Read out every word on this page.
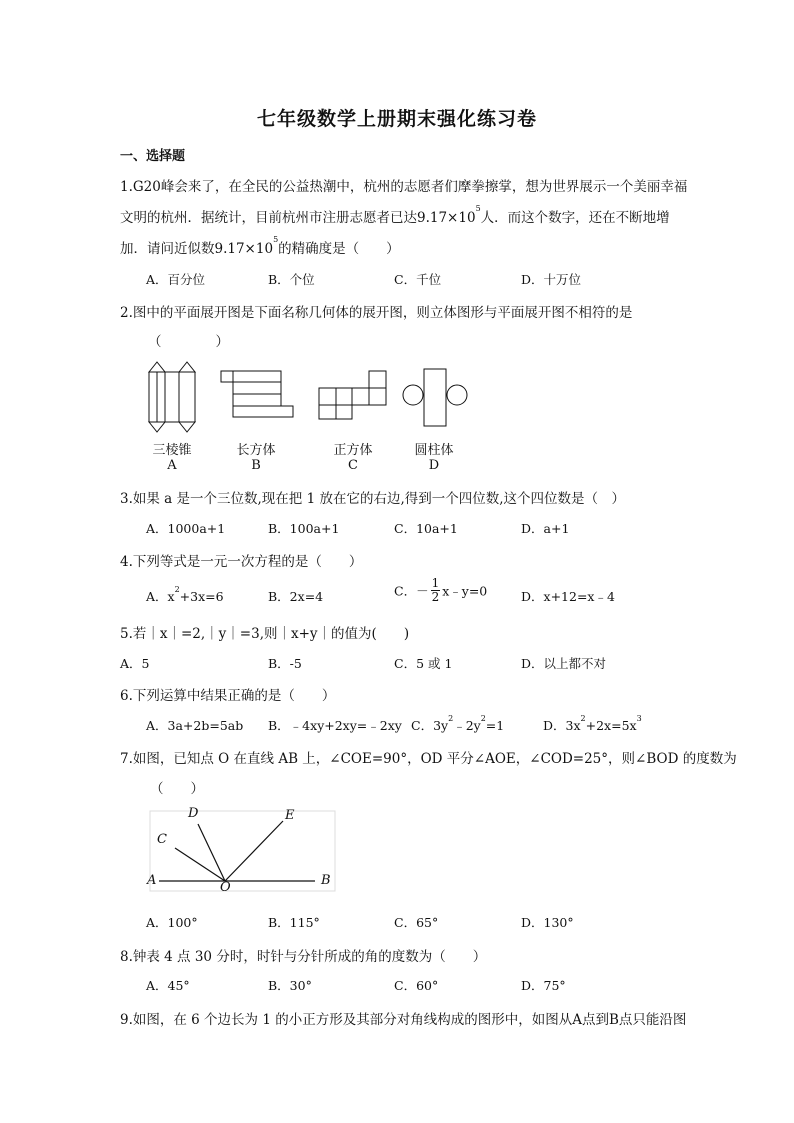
七年级数学上册期末强化练习卷
一、选择题
1.G20峰会来了，在全民的公益热潮中，杭州的志愿者们摩拳擦掌，想为世界展示一个美丽幸福
文明的杭州．据统计，目前杭州市注册志愿者已达$9.17\times 10^5$人．而这个数字，还在不断地增
加．请问近似数$9.17\times 10^5$的精确度是（　　）
A．百分位	B．个位	C．千位	D．十万位
2.图中的平面展开图是下面名称几何体的展开图，则立体图形与平面展开图不相符的是
（　　　　）
三棱锥	长方体	正方体	圆柱体
A	B	C	D
3.如果 a 是一个三位数,现在把 1 放在它的右边,得到一个四位数,这个四位数是（　）
A．1000a+1	B．100a+1	C．10a+1	D．a+1
4.下列等式是一元一次方程的是（　　）
A．$x^2+3x=6$	B．2x=4	C．－ $\frac{1}{2}$ x﹣y=0	D．x+12=x﹣4
5.若｜x｜=2,｜y｜=3,则｜x+y｜的值为(　　)
A．5	B．-5	C．5 或 1	D．以上都不对
6.下列运算中结果正确的是（　　）
A．3a+2b=5ab B．﹣4xy+2xy=﹣2xy C．$3y^2﹣2y^2=1$	D．$3x^2+2x=5x^3$
7.如图，已知点 O 在直线 AB 上，∠COE=90°，OD 平分∠AOE，∠COD=25°，则∠BOD 的度数为
（　　）
A	B
C
D	E
O
A．100°	B．115°	C．65°	D．130°
8.钟表 4 点 30 分时，时针与分针所成的角的度数为（　　）
A．45°	B．30°	C．60°	D．75°
9.如图，在 6 个边长为 1 的小正方形及其部分对角线构成的图形中，如图从A点到B点只能沿图
